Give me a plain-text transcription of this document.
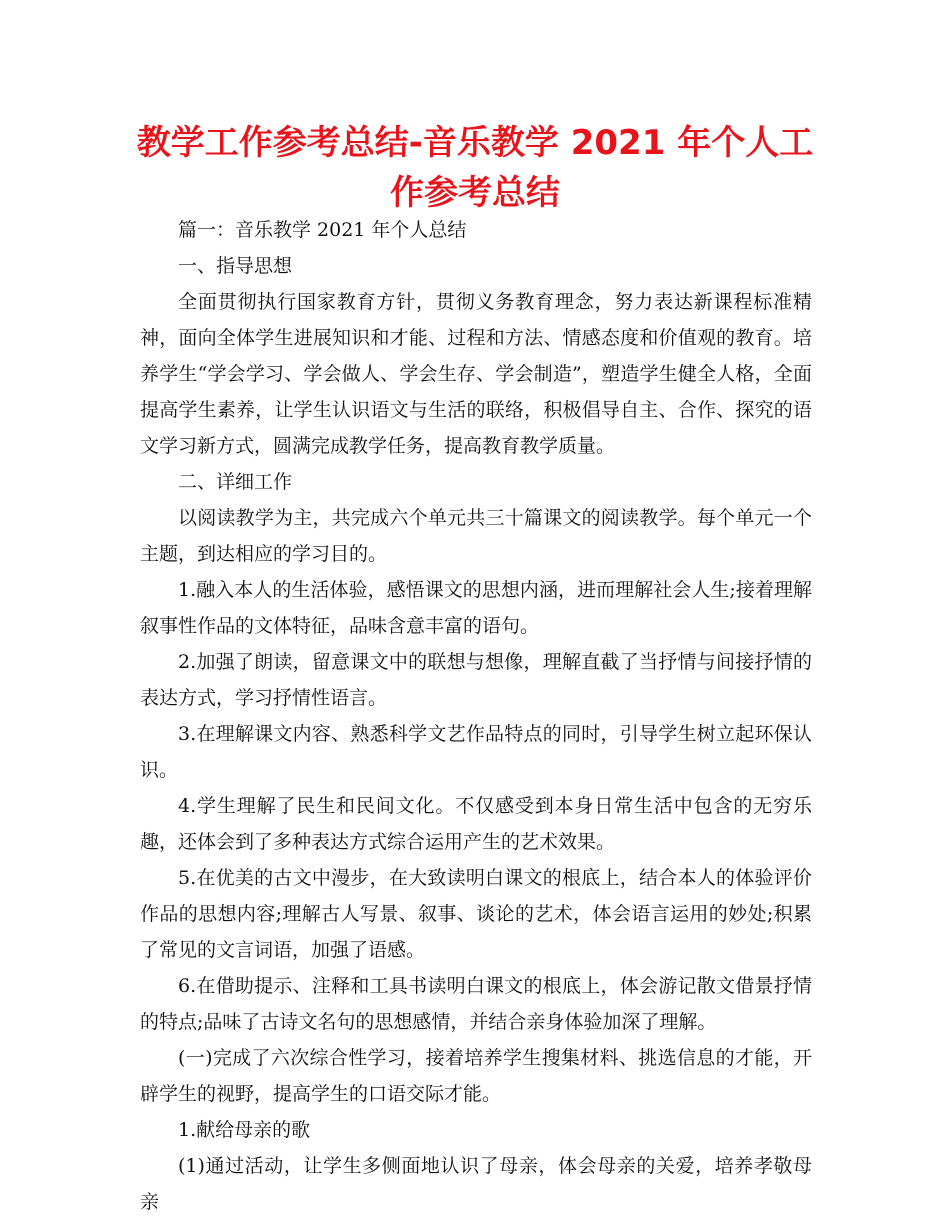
教学工作参考总结-音乐教学 2021 年个人工作参考总结

篇一：音乐教学 2021 年个人总结

一、指导思想

全面贯彻执行国家教育方针，贯彻义务教育理念，努力表达新课程标准精神，面向全体学生进展知识和才能、过程和方法、情感态度和价值观的教育。培养学生“学会学习、学会做人、学会生存、学会制造”，塑造学生健全人格，全面提高学生素养，让学生认识语文与生活的联络，积极倡导自主、合作、探究的语文学习新方式，圆满完成教学任务，提高教育教学质量。

二、详细工作

以阅读教学为主，共完成六个单元共三十篇课文的阅读教学。每个单元一个主题，到达相应的学习目的。

1.融入本人的生活体验，感悟课文的思想内涵，进而理解社会人生;接着理解叙事性作品的文体特征，品味含意丰富的语句。

2.加强了朗读，留意课文中的联想与想像，理解直截了当抒情与间接抒情的表达方式，学习抒情性语言。

3.在理解课文内容、熟悉科学文艺作品特点的同时，引导学生树立起环保认识。

4.学生理解了民生和民间文化。不仅感受到本身日常生活中包含的无穷乐趣，还体会到了多种表达方式综合运用产生的艺术效果。

5.在优美的古文中漫步，在大致读明白课文的根底上，结合本人的体验评价作品的思想内容;理解古人写景、叙事、谈论的艺术，体会语言运用的妙处;积累了常见的文言词语，加强了语感。

6.在借助提示、注释和工具书读明白课文的根底上，体会游记散文借景抒情的特点;品味了古诗文名句的思想感情，并结合亲身体验加深了理解。

(一)完成了六次综合性学习，接着培养学生搜集材料、挑选信息的才能，开辟学生的视野，提高学生的口语交际才能。

1.献给母亲的歌

(1)通过活动，让学生多侧面地认识了母亲，体会母亲的关爱，培养孝敬母亲
